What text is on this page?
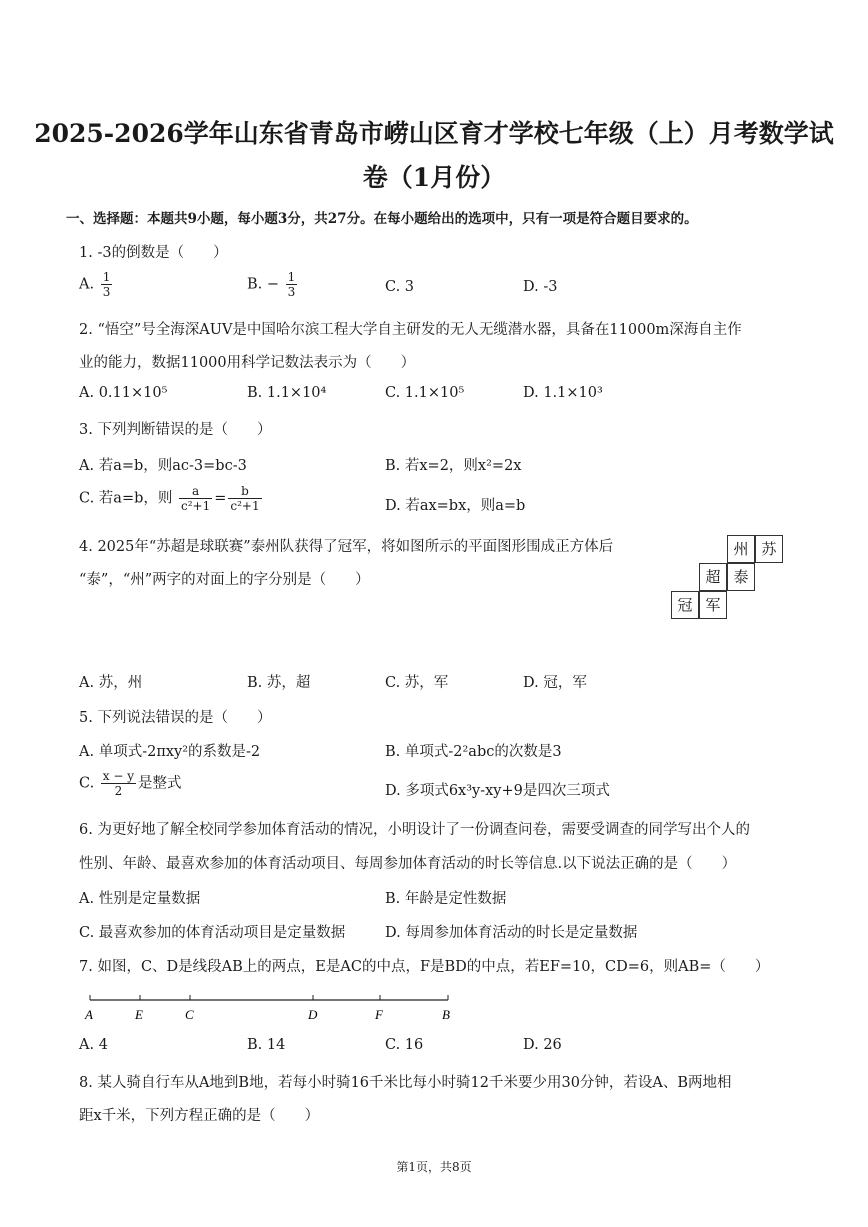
2025-2026学年山东省青岛市崂山区育才学校七年级（上）月考数学试
卷（1月份）
一、选择题：本题共9小题，每小题3分，共27分。在每小题给出的选项中，只有一项是符合题目要求的。
1. -3的倒数是（　　）
A. $\frac{1}{3}$	B. − $\frac{1}{3}$	C. 3	D. -3
2. “悟空”号全海深AUV是中国哈尔滨工程大学自主研发的无人无缆潜水器，具备在11000m深海自主作
业的能力，数据11000用科学记数法表示为（　　）
A. 0.11×10⁵	B. 1.1×10⁴	C. 1.1×10⁵	D. 1.1×10³
3. 下列判断错误的是（　　）
A. 若a=b，则ac-3=bc-3	B. 若x=2，则x²=2x
C. 若a=b，则 $\frac{a}{\text{c²+1}} = \frac{b}{\text{c²+1}}$	D. 若ax=bx，则a=b
4. 2025年“苏超是球联赛”泰州队获得了冠军，将如图所示的平面图形围成正方体后
“泰”，“州”两字的对面上的字分别是（　　）
州 苏
超 泰
冠 军
A. 苏，州	B. 苏，超	C. 苏，军	D. 冠，军
5. 下列说法错误的是（　　）
A. 单项式-2πxy²的系数是-2	B. 单项式-2²abc的次数是3
C. $\frac{x - y}{2}$ 是整式	D. 多项式6x³y-xy+9是四次三项式
6. 为更好地了解全校同学参加体育活动的情况，小明设计了一份调查问卷，需要受调查的同学写出个人的
性别、年龄、最喜欢参加的体育活动项目、每周参加体育活动的时长等信息.以下说法正确的是（　　）
A. 性别是定量数据	B. 年龄是定性数据
C. 最喜欢参加的体育活动项目是定量数据	D. 每周参加体育活动的时长是定量数据
7. 如图，C、D是线段AB上的两点，E是AC的中点，F是BD的中点，若EF=10，CD=6，则AB=（　　）
A	E	C	D	F	B
A. 4	B. 14	C. 16	D. 26
8. 某人骑自行车从A地到B地，若每小时骑16千米比每小时骑12千米要少用30分钟，若设A、B两地相
距x千米，下列方程正确的是（　　）
第1页，共8页
